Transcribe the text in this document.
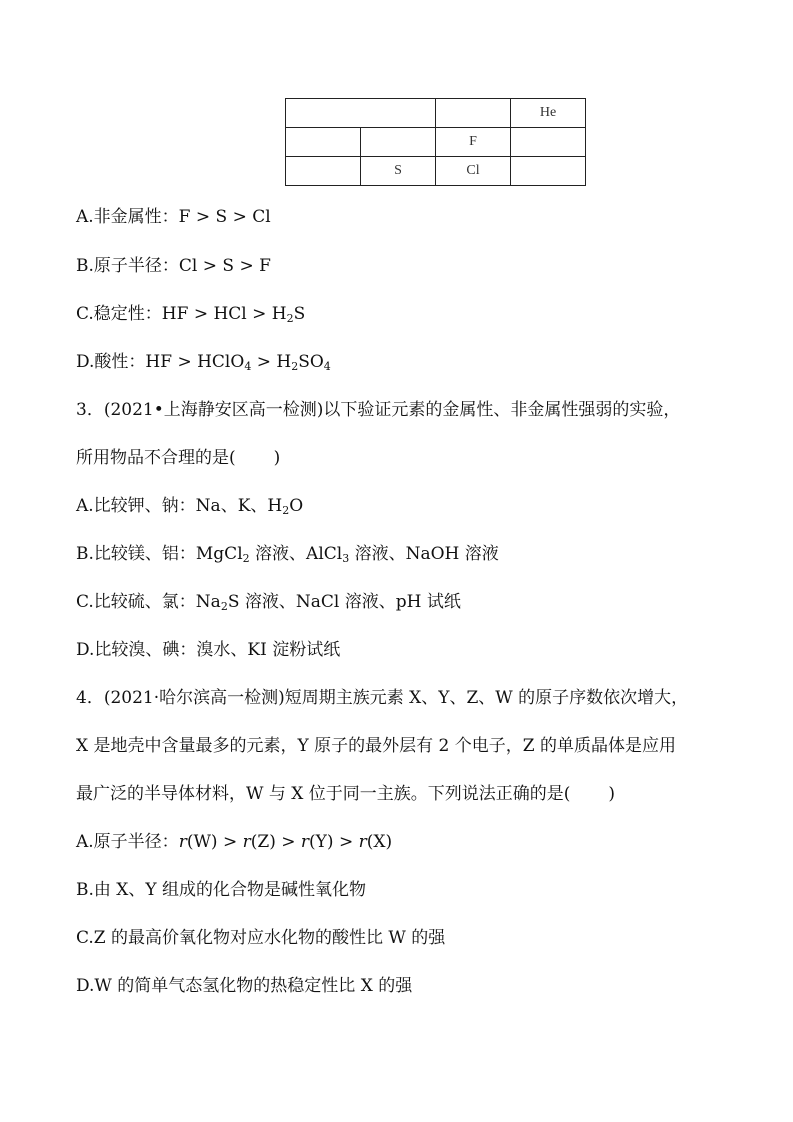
			He
		F	
	S	Cl	
A.非金属性：F > S > Cl
B.原子半径：Cl > S > F
C.稳定性：HF > HCl > $H_2S$
D.酸性：HF > HClO$_4$ > $H_2SO_4$
3．(2021•上海静安区高一检测)以下验证元素的金属性、非金属性强弱的实验，
所用物品不合理的是( )
A.比较钾、钠：Na、K、$H_2O$
B.比较镁、铝：MgCl$_2$ 溶液、AlCl$_3$ 溶液、NaOH 溶液
C.比较硫、氯：$Na_2S$ 溶液、NaCl 溶液、pH 试纸
D.比较溴、碘：溴水、KI 淀粉试纸
4．(2021·哈尔滨高一检测)短周期主族元素 X、Y、Z、W 的原子序数依次增大，
X 是地壳中含量最多的元素，Y 原子的最外层有 2 个电子，Z 的单质晶体是应用
最广泛的半导体材料，W 与 X 位于同一主族。下列说法正确的是( )
A.原子半径：r(W) > r(Z) > r(Y) > r(X)
B.由 X、Y 组成的化合物是碱性氧化物
C.Z 的最高价氧化物对应水化物的酸性比 W 的强
D.W 的简单气态氢化物的热稳定性比 X 的强
